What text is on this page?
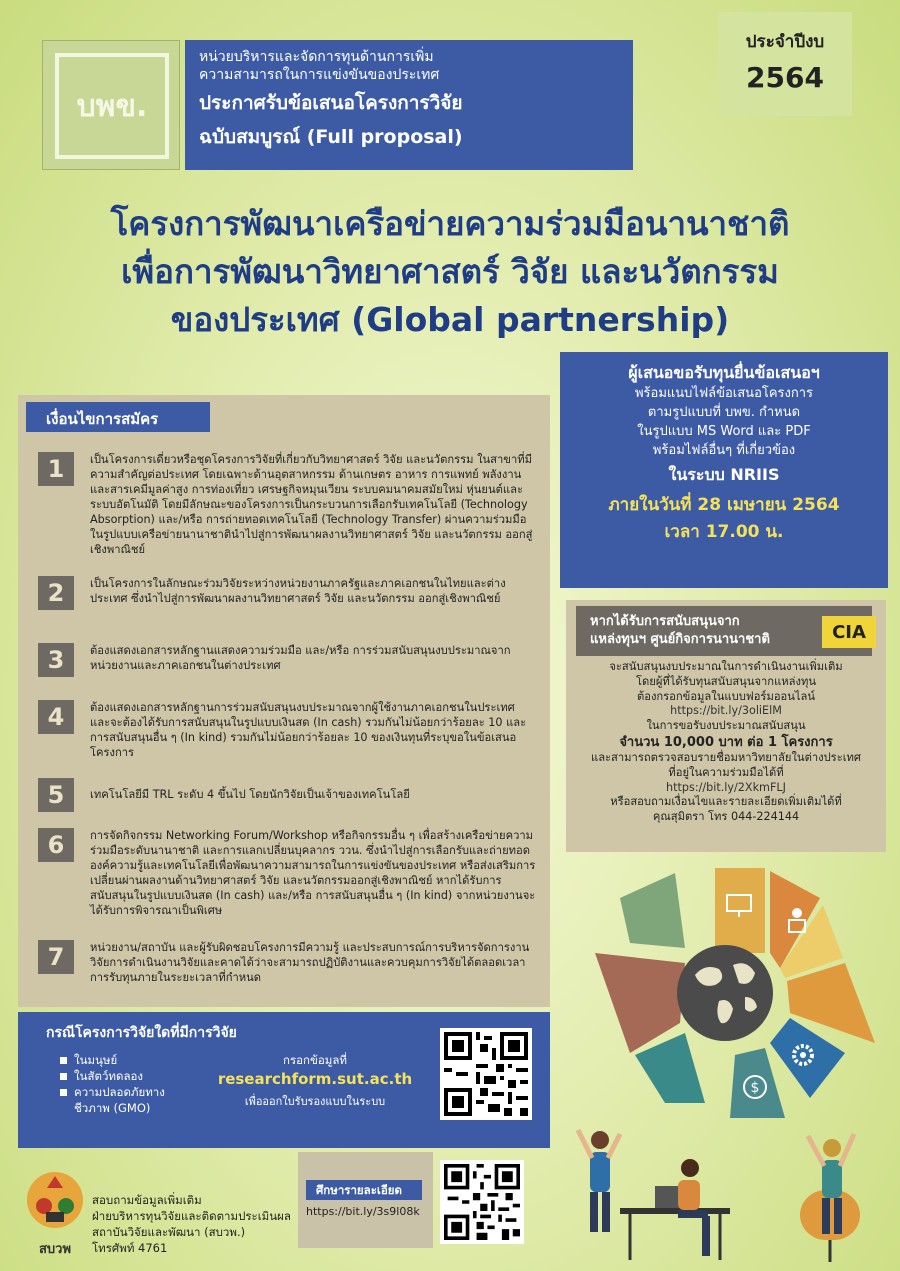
บพข.
หน่วยบริหารและจัดการทุนด้านการเพิ่ม
ความสามารถในการแข่งขันของประเทศ
ประกาศรับข้อเสนอโครงการวิจัย
ฉบับสมบูรณ์ (Full proposal)
ประจำปีงบ
2564
โครงการพัฒนาเครือข่ายความร่วมมือนานาชาติ
เพื่อการพัฒนาวิทยาศาสตร์ วิจัย และนวัตกรรม
ของประเทศ (Global partnership)
เงื่อนไขการสมัคร
1	เป็นโครงการเดี่ยวหรือชุดโครงการวิจัยที่เกี่ยวกับวิทยาศาสตร์ วิจัย และนวัตกรรม ในสาขาที่มีความสำคัญต่อประเทศ โดยเฉพาะด้านอุตสาหกรรม ด้านเกษตร อาหาร การแพทย์ พลังงาน และสารเคมีมูลค่าสูง การท่องเที่ยว เศรษฐกิจหมุนเวียน ระบบคมนาคมสมัยใหม่ หุ่นยนต์และระบบอัตโนมัติ โดยมีลักษณะของโครงการเป็นกระบวนการเลือกรับเทคโนโลยี (Technology Absorption) และ/หรือ การถ่ายทอดเทคโนโลยี (Technology Transfer) ผ่านความร่วมมือในรูปแบบเครือข่ายนานาชาตินำไปสู่การพัฒนาผลงานวิทยาศาสตร์ วิจัย และนวัตกรรม ออกสู่เชิงพาณิชย์
2	เป็นโครงการในลักษณะร่วมวิจัยระหว่างหน่วยงานภาครัฐและภาคเอกชนในไทยและต่างประเทศ ซึ่งนำไปสู่การพัฒนาผลงานวิทยาศาสตร์ วิจัย และนวัตกรรม ออกสู่เชิงพาณิชย์
3	ต้องแสดงเอกสารหลักฐานแสดงความร่วมมือ และ/หรือ การร่วมสนับสนุนงบประมาณจากหน่วยงานและภาคเอกชนในต่างประเทศ
4	ต้องแสดงเอกสารหลักฐานการร่วมสนับสนุนงบประมาณจากผู้ใช้งานภาคเอกชนในประเทศ และจะต้องได้รับการสนับสนุนในรูปแบบเงินสด (In cash) รวมกันไม่น้อยกว่าร้อยละ 10 และการสนับสนุนอื่น ๆ (In kind) รวมกันไม่น้อยกว่าร้อยละ 10 ของเงินทุนที่ระบุขอในข้อเสนอโครงการ
5	เทคโนโลยีมี TRL ระดับ 4 ขึ้นไป โดยนักวิจัยเป็นเจ้าของเทคโนโลยี
6	การจัดกิจกรรม Networking Forum/Workshop หรือกิจกรรมอื่น ๆ เพื่อสร้างเครือข่ายความร่วมมือระดับนานาชาติ และการแลกเปลี่ยนบุคลากร ววน. ซึ่งนำไปสู่การเลือกรับและถ่ายทอดองค์ความรู้และเทคโนโลยีเพื่อพัฒนาความสามารถในการแข่งขันของประเทศ หรือส่งเสริมการเปลี่ยนผ่านผลงานด้านวิทยาศาสตร์ วิจัย และนวัตกรรมออกสู่เชิงพาณิชย์ หากได้รับการสนับสนุนในรูปแบบเงินสด (In cash) และ/หรือ การสนับสนุนอื่น ๆ (In kind) จากหน่วยงานจะได้รับการพิจารณาเป็นพิเศษ
7	หน่วยงาน/สถาบัน และผู้รับผิดชอบโครงการมีความรู้ และประสบการณ์การบริหารจัดการงานวิจัยการดำเนินงานวิจัยและคาดได้ว่าจะสามารถปฏิบัติงานและควบคุมการวิจัยได้ตลอดเวลาการรับทุนภายในระยะเวลาที่กำหนด
ผู้เสนอขอรับทุนยื่นข้อเสนอฯ
พร้อมแนบไฟล์ข้อเสนอโครงการ
ตามรูปแบบที่ บพข. กำหนด
ในรูปแบบ MS Word และ PDF
พร้อมไฟล์อื่นๆ ที่เกี่ยวข้อง
ในระบบ NRIIS
ภายในวันที่ 28 เมษายน 2564
เวลา 17.00 น.
หากได้รับการสนับสนุนจาก
แหล่งทุนฯ ศูนย์กิจการนานาชาติ	CIA
จะสนับสนุนงบประมาณในการดำเนินงานเพิ่มเติม
โดยผู้ที่ได้รับทุนสนับสนุนจากแหล่งทุน
ต้องกรอกข้อมูลในแบบฟอร์มออนไลน์
https://bit.ly/3oliElM
ในการขอรับงบประมาณสนับสนุน
จำนวน 10,000 บาท ต่อ 1 โครงการ
และสามารถตรวจสอบรายชื่อมหาวิทยาลัยในต่างประเทศ
ที่อยู่ในความร่วมมือได้ที่
https://bit.ly/2XkmFLJ
หรือสอบถามเงื่อนไขและรายละเอียดเพิ่มเติมได้ที่
คุณสุมิตรา โทร 044-224144
$
กรณีโครงการวิจัยใดที่มีการวิจัย
ในมนุษย์
ในสัตว์ทดลอง
ความปลอดภัยทาง ชีวภาพ (GMO)
กรอกข้อมูลที่
researchform.sut.ac.th
เพื่อออกใบรับรองแบบในระบบ
สบวพ
สอบถามข้อมูลเพิ่มเติม
ฝ่ายบริหารทุนวิจัยและติดตามประเมินผล
สถาบันวิจัยและพัฒนา (สบวพ.)
โทรศัพท์ 4761
ศึกษารายละเอียด
https://bit.ly/3s9l08k
